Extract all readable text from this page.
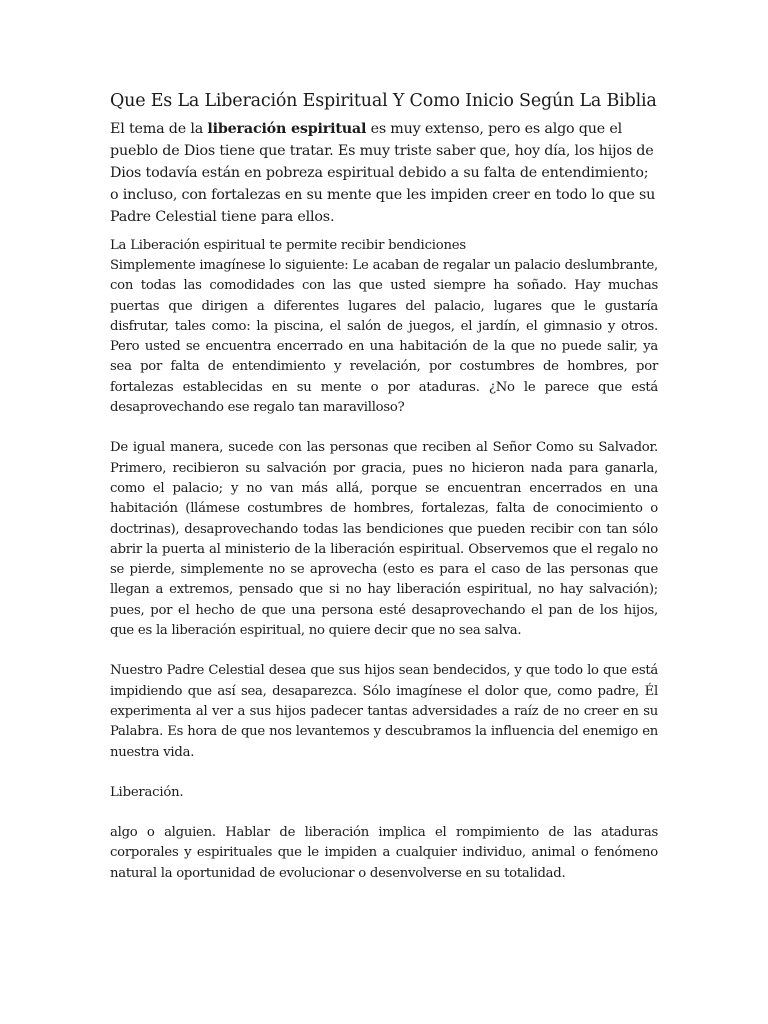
Que Es La Liberación Espiritual Y Como Inicio Según La Biblia

El tema de la liberación espiritual es muy extenso, pero es algo que el pueblo de Dios tiene que tratar. Es muy triste saber que, hoy día, los hijos de Dios todavía están en pobreza espiritual debido a su falta de entendimiento; o incluso, con fortalezas en su mente que les impiden creer en todo lo que su Padre Celestial tiene para ellos.

La Liberación espiritual te permite recibir bendiciones

Simplemente imagínese lo siguiente: Le acaban de regalar un palacio deslumbrante, con todas las comodidades con las que usted siempre ha soñado. Hay muchas puertas que dirigen a diferentes lugares del palacio, lugares que le gustaría disfrutar, tales como: la piscina, el salón de juegos, el jardín, el gimnasio y otros. Pero usted se encuentra encerrado en una habitación de la que no puede salir, ya sea por falta de entendimiento y revelación, por costumbres de hombres, por fortalezas establecidas en su mente o por ataduras. ¿No le parece que está desaprovechando ese regalo tan maravilloso?

De igual manera, sucede con las personas que reciben al Señor Como su Salvador. Primero, recibieron su salvación por gracia, pues no hicieron nada para ganarla, como el palacio; y no van más allá, porque se encuentran encerrados en una habitación (llámese costumbres de hombres, fortalezas, falta de conocimiento o doctrinas), desaprovechando todas las bendiciones que pueden recibir con tan sólo abrir la puerta al ministerio de la liberación espiritual. Observemos que el regalo no se pierde, simplemente no se aprovecha (esto es para el caso de las personas que llegan a extremos, pensado que si no hay liberación espiritual, no hay salvación); pues, por el hecho de que una persona esté desaprovechando el pan de los hijos, que es la liberación espiritual, no quiere decir que no sea salva.

Nuestro Padre Celestial desea que sus hijos sean bendecidos, y que todo lo que está impidiendo que así sea, desaparezca. Sólo imagínese el dolor que, como padre, Él experimenta al ver a sus hijos padecer tantas adversidades a raíz de no creer en su Palabra. Es hora de que nos levantemos y descubramos la influencia del enemigo en nuestra vida.

Liberación.

algo o alguien. Hablar de liberación implica el rompimiento de las ataduras corporales y espirituales que le impiden a cualquier individuo, animal o fenómeno natural la oportunidad de evolucionar o desenvolverse en su totalidad.
